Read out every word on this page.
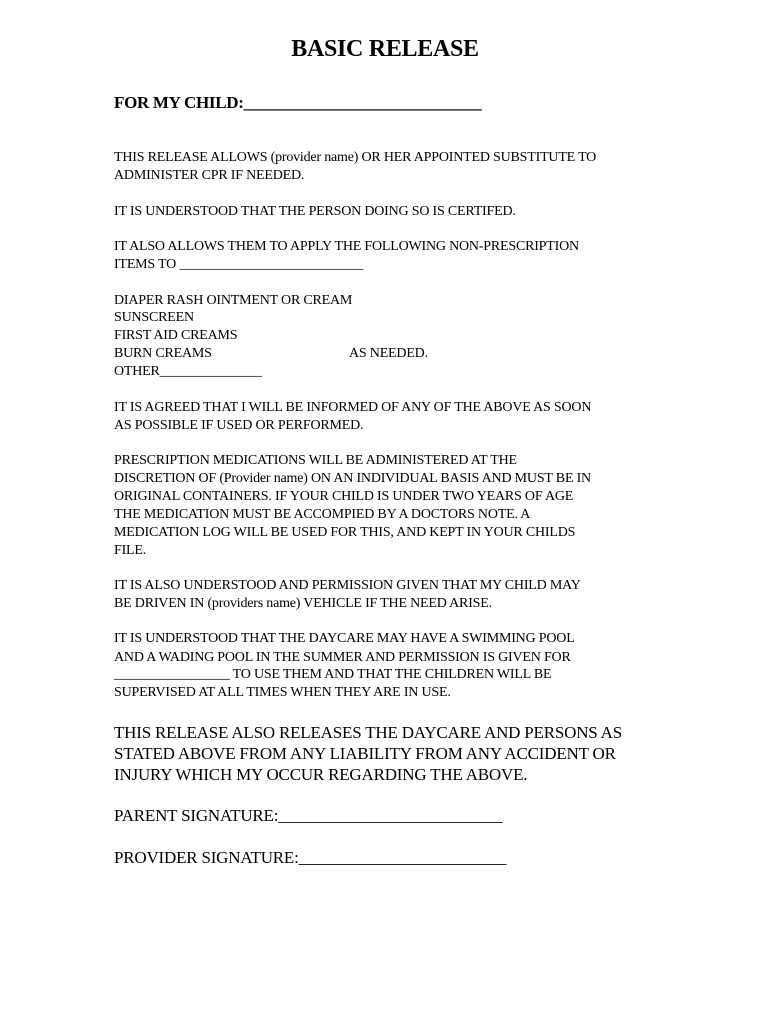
BASIC RELEASE
FOR MY CHILD:_____________________________
THIS RELEASE ALLOWS (provider name) OR HER APPOINTED SUBSTITUTE TO
ADMINISTER CPR IF NEEDED.
IT IS UNDERSTOOD THAT THE PERSON DOING SO IS CERTIFED.
IT ALSO ALLOWS THEM TO APPLY THE FOLLOWING NON-PRESCRIPTION
ITEMS TO ___________________________
DIAPER RASH OINTMENT OR CREAM
SUNSCREEN
FIRST AID CREAMS
BURN CREAMS	AS NEEDED.
OTHER_______________
IT IS AGREED THAT I WILL BE INFORMED OF ANY OF THE ABOVE AS SOON
AS POSSIBLE IF USED OR PERFORMED.
PRESCRIPTION MEDICATIONS WILL BE ADMINISTERED AT THE
DISCRETION OF (Provider name) ON AN INDIVIDUAL BASIS AND MUST BE IN
ORIGINAL CONTAINERS. IF YOUR CHILD IS UNDER TWO YEARS OF AGE
THE MEDICATION MUST BE ACCOMPIED BY A DOCTORS NOTE. A
MEDICATION LOG WILL BE USED FOR THIS, AND KEPT IN YOUR CHILDS
FILE.
IT IS ALSO UNDERSTOOD AND PERMISSION GIVEN THAT MY CHILD MAY
BE DRIVEN IN (providers name) VEHICLE IF THE NEED ARISE.
IT IS UNDERSTOOD THAT THE DAYCARE MAY HAVE A SWIMMING POOL
AND A WADING POOL IN THE SUMMER AND PERMISSION IS GIVEN FOR
_________________ TO USE THEM AND THAT THE CHILDREN WILL BE
SUPERVISED AT ALL TIMES WHEN THEY ARE IN USE.
THIS RELEASE ALSO RELEASES THE DAYCARE AND PERSONS AS
STATED ABOVE FROM ANY LIABILITY FROM ANY ACCIDENT OR
INJURY WHICH MY OCCUR REGARDING THE ABOVE.
PARENT SIGNATURE:___________________________
PROVIDER SIGNATURE:_________________________
